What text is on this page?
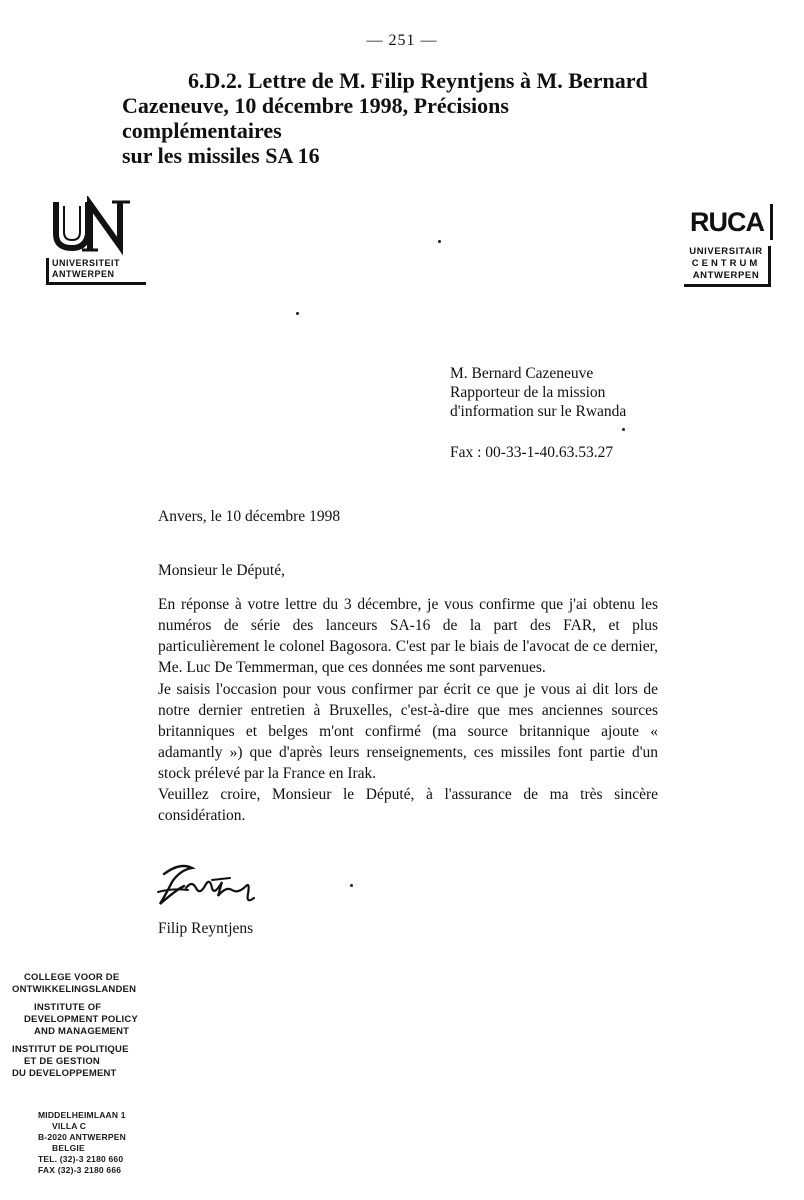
— 251 —
6.D.2. Lettre de M. Filip Reyntjens à M. Bernard
Cazeneuve, 10 décembre 1998, Précisions complémentaires
sur les missiles SA 16
UNIVERSITEIT
ANTWERPEN
RUCA
UNIVERSITAIR
CENTRUM
ANTWERPEN
M. Bernard Cazeneuve
Rapporteur de la mission
d'information sur le Rwanda
Fax : 00-33-1-40.63.53.27
Anvers, le 10 décembre 1998
Monsieur le Député,
En réponse à votre lettre du 3 décembre, je vous confirme que j'ai obtenu les numéros de série des lanceurs SA-16 de la part des FAR, et plus particulièrement le colonel Bagosora. C'est par le biais de l'avocat de ce dernier, Me. Luc De Temmerman, que ces données me sont parvenues.
Je saisis l'occasion pour vous confirmer par écrit ce que je vous ai dit lors de notre dernier entretien à Bruxelles, c'est-à-dire que mes anciennes sources britanniques et belges m'ont confirmé (ma source britannique ajoute « adamantly ») que d'après leurs renseignements, ces missiles font partie d'un stock prélevé par la France en Irak.
Veuillez croire, Monsieur le Député, à l'assurance de ma très sincère considération.
Filip Reyntjens
COLLEGE VOOR DE
ONTWIKKELINGSLANDEN
INSTITUTE OF
DEVELOPMENT POLICY
AND MANAGEMENT
INSTITUT DE POLITIQUE
ET DE GESTION
DU DEVELOPPEMENT
MIDDELHEIMLAAN 1
VILLA C
B-2020 ANTWERPEN
BELGIE
TEL. (32)-3 2180 660
FAX (32)-3 2180 666
